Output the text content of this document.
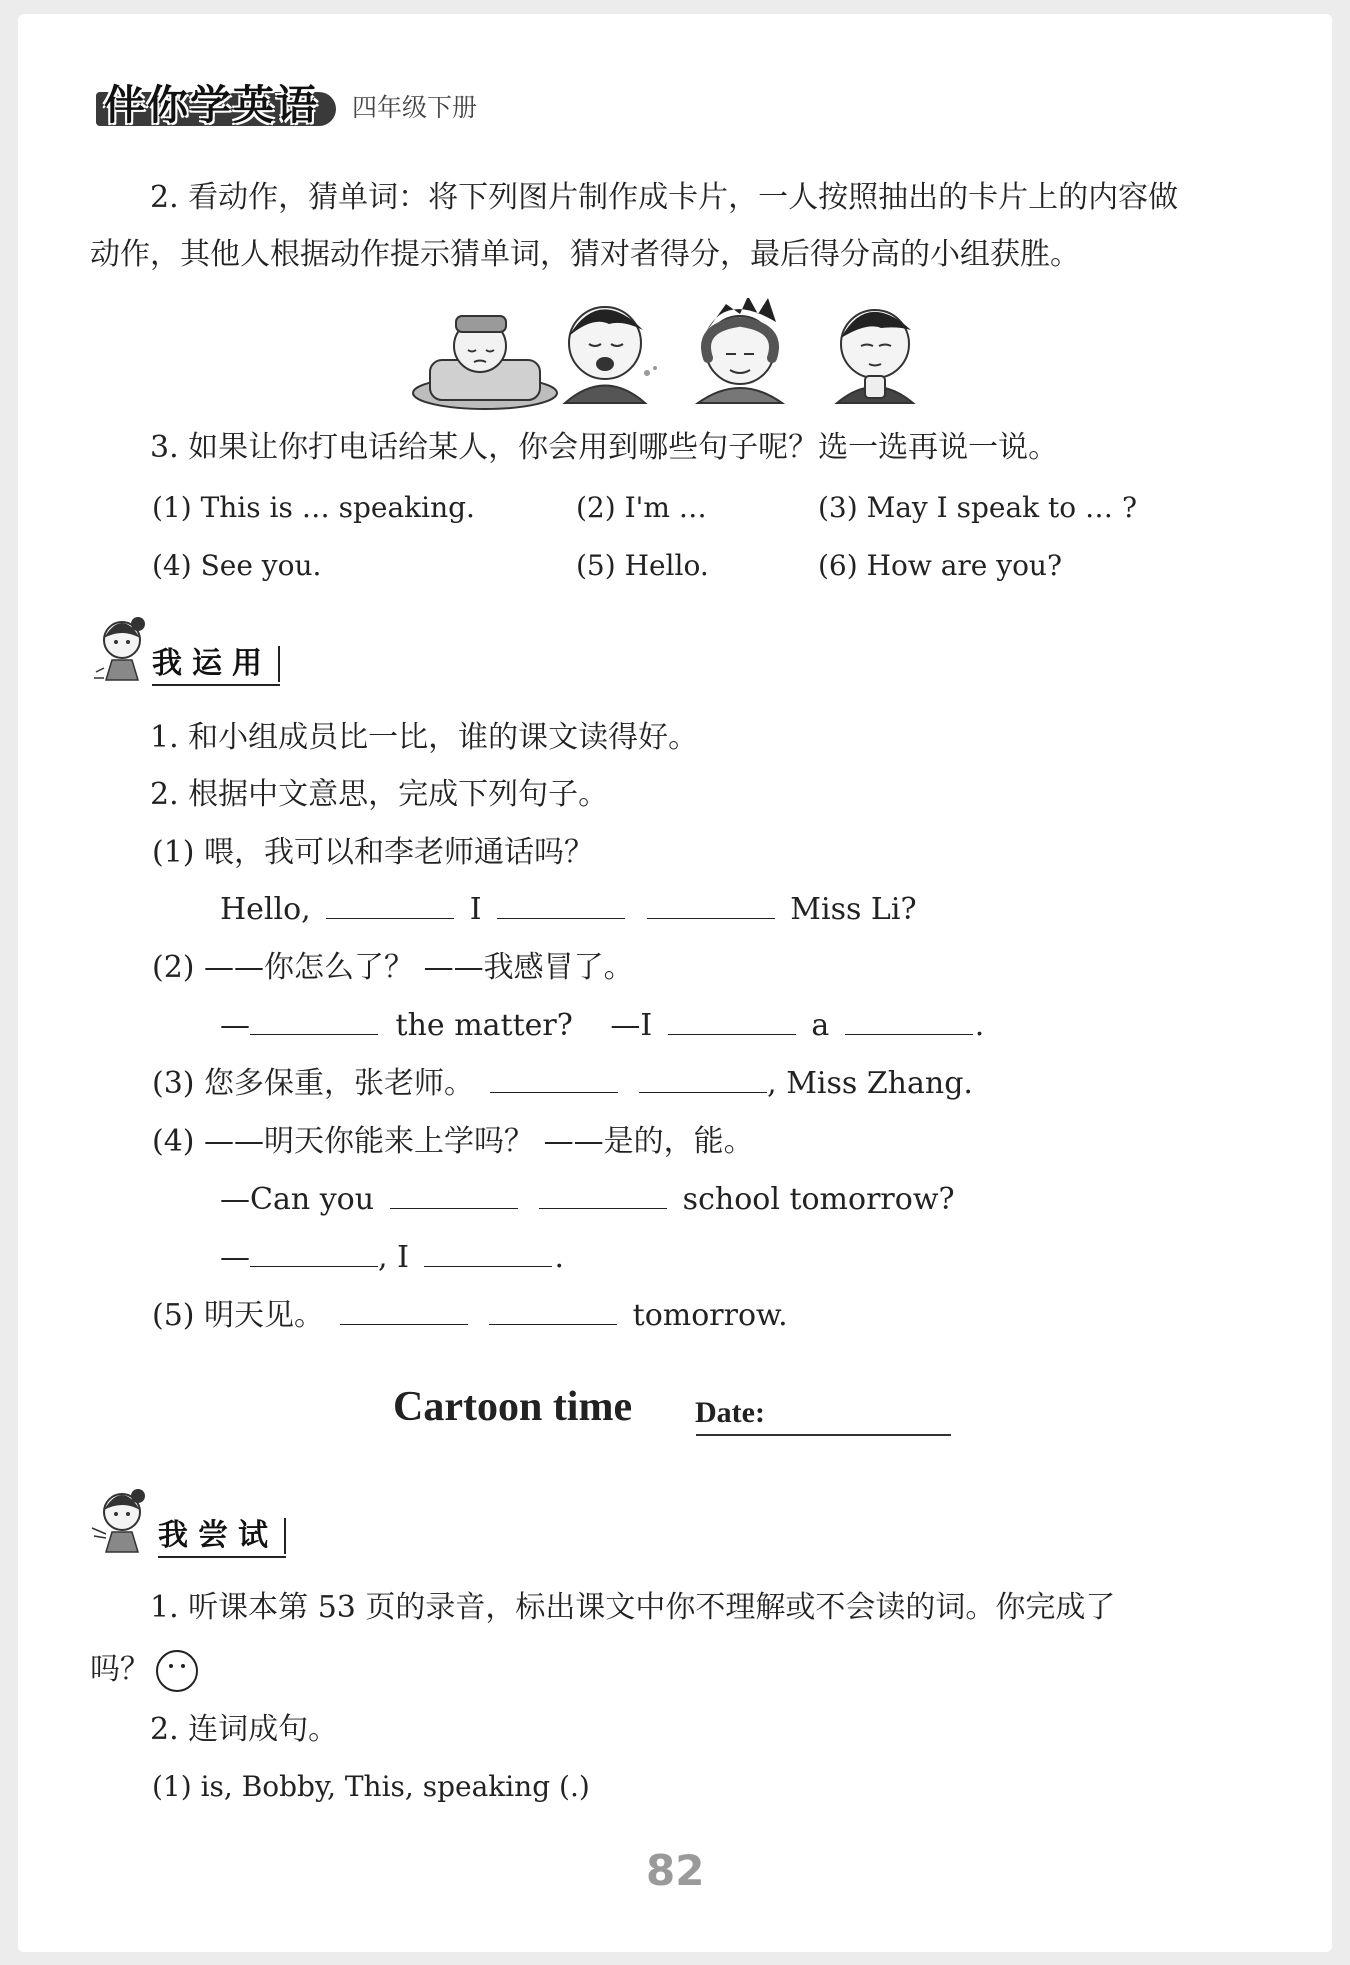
伴你学英语 四年级下册
2. 看动作，猜单词：将下列图片制作成卡片，一人按照抽出的卡片上的内容做
动作，其他人根据动作提示猜单词，猜对者得分，最后得分高的小组获胜。
3. 如果让你打电话给某人，你会用到哪些句子呢？选一选再说一说。
(1) This is … speaking.	(2) I'm …	(3) May I speak to … ?
(4) See you.	(5) Hello.	(6) How are you?
我运用
1. 和小组成员比一比，谁的课文读得好。
2. 根据中文意思，完成下列句子。
(1) 喂，我可以和李老师通话吗？
Hello,	I	Miss Li?
(2) ——你怎么了？ ——我感冒了。
—	the matter? —I	a	.
(3) 您多保重，张老师。	, Miss Zhang.
(4) ——明天你能来上学吗？ ——是的，能。
—Can you	school tomorrow?
—	, I	.
(5) 明天见。	tomorrow.
Cartoon time Date:
我尝试
1. 听课本第 53 页的录音，标出课文中你不理解或不会读的词。你完成了
吗？
2. 连词成句。
(1) is, Bobby, This, speaking (.)
82
